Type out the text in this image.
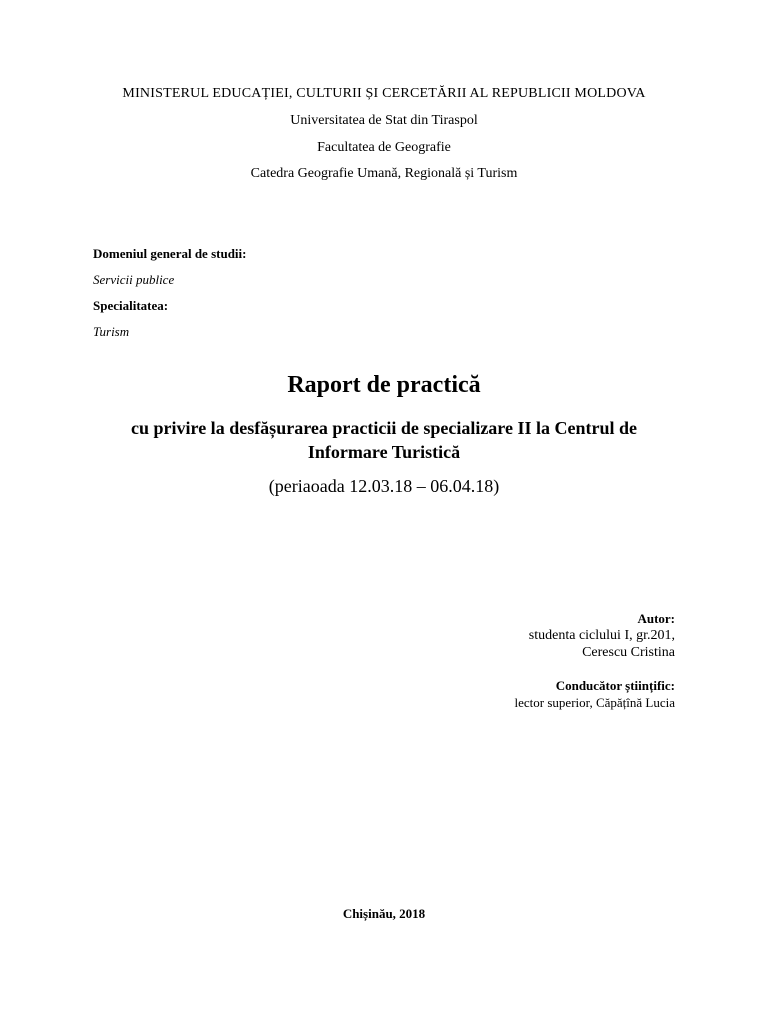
MINISTERUL EDUCAȚIEI, CULTURII ȘI CERCETĂRII AL REPUBLICII MOLDOVA
Universitatea de Stat din Tiraspol
Facultatea de Geografie
Catedra Geografie Umană, Regională și Turism
Domeniul general de studii:
Servicii publice
Specialitatea:
Turism
Raport de practică
cu privire la desfășurarea practicii de specializare II la Centrul de
Informare Turistică
(periaoada 12.03.18 – 06.04.18)
Autor:
studenta ciclului I, gr.201,
Cerescu Cristina
Conducător științific:
lector superior, Căpățînă Lucia
Chișinău, 2018
